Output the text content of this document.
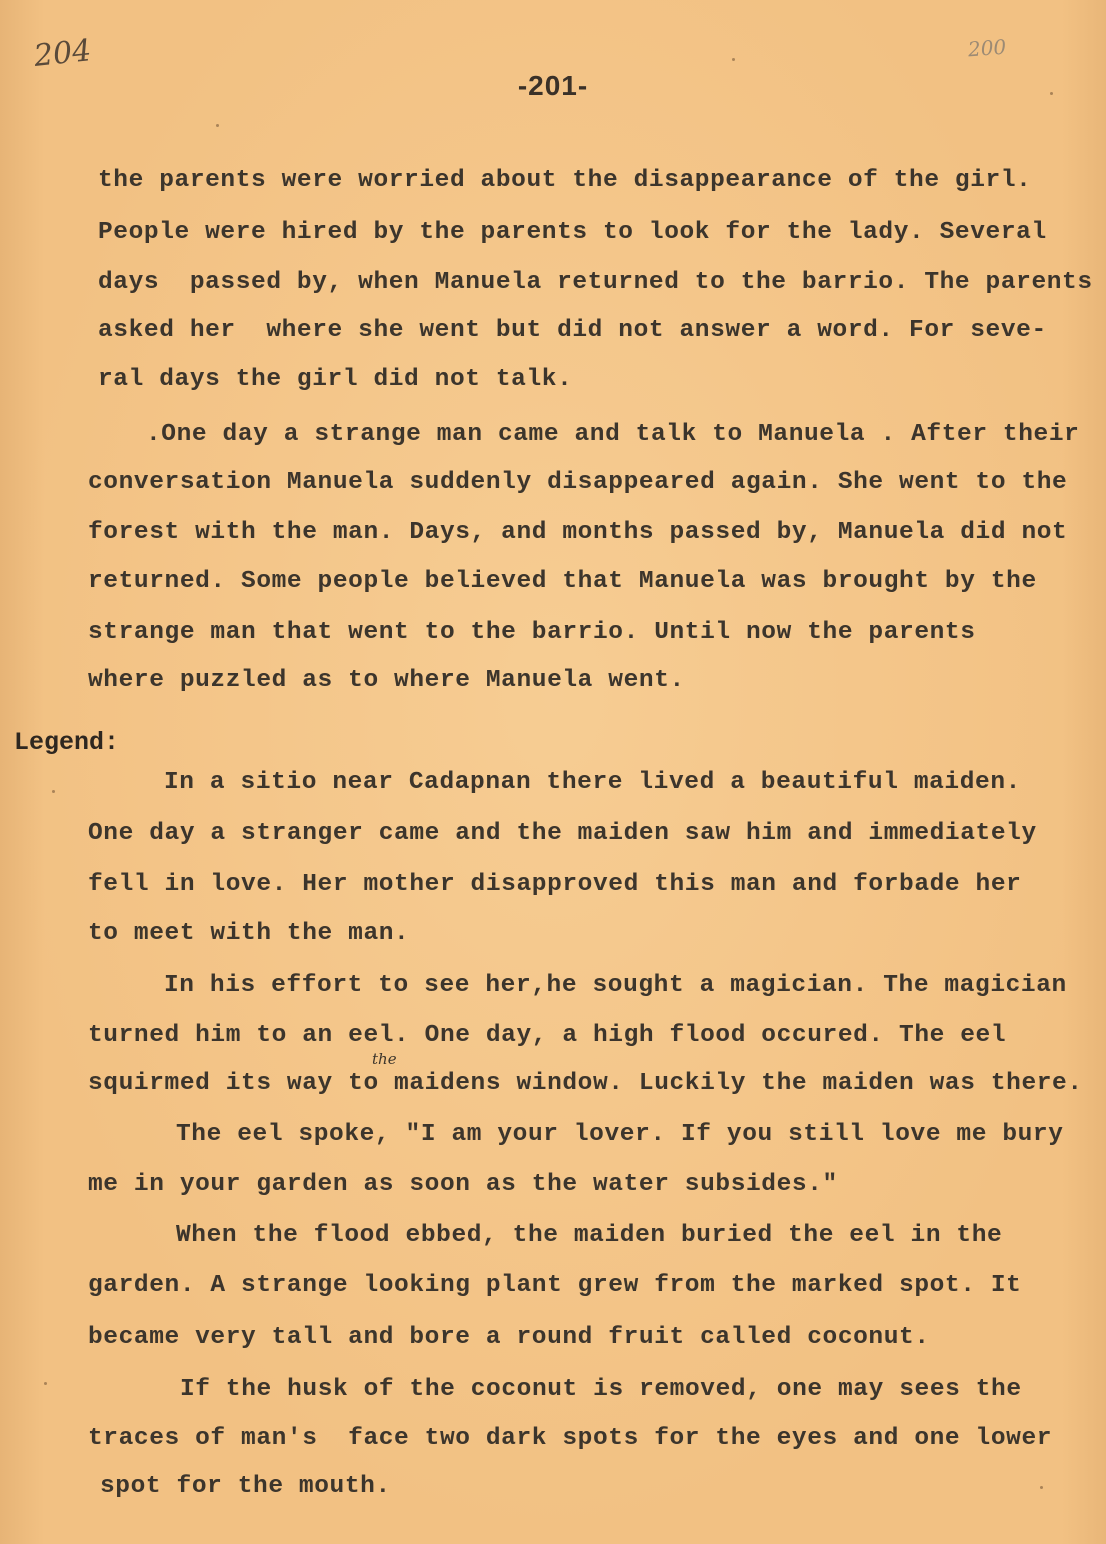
204	200
-201-
the parents were worried about the disappearance of the girl.
People were hired by the parents to look for the lady. Several
days  passed by, when Manuela returned to the barrio. The parents
asked her  where she went but did not answer a word. For seve-
ral days the girl did not talk.
.One day a strange man came and talk to Manuela . After their
conversation Manuela suddenly disappeared again. She went to the
forest with the man. Days, and months passed by, Manuela did not
returned. Some people believed that Manuela was brought by the
strange man that went to the barrio. Until now the parents
where puzzled as to where Manuela went.
Legend:
In a sitio near Cadapnan there lived a beautiful maiden.
One day a stranger came and the maiden saw him and immediately
fell in love. Her mother disapproved this man and forbade her
to meet with the man.
In his effort to see her,he sought a magician. The magician
turned him to an eel. One day, a high flood occured. The eel
the
squirmed its way to maidens window. Luckily the maiden was there.
The eel spoke, "I am your lover. If you still love me bury
me in your garden as soon as the water subsides."
When the flood ebbed, the maiden buried the eel in the
garden. A strange looking plant grew from the marked spot. It
became very tall and bore a round fruit called coconut.
If the husk of the coconut is removed, one may sees the
traces of man's  face two dark spots for the eyes and one lower
spot for the mouth.
